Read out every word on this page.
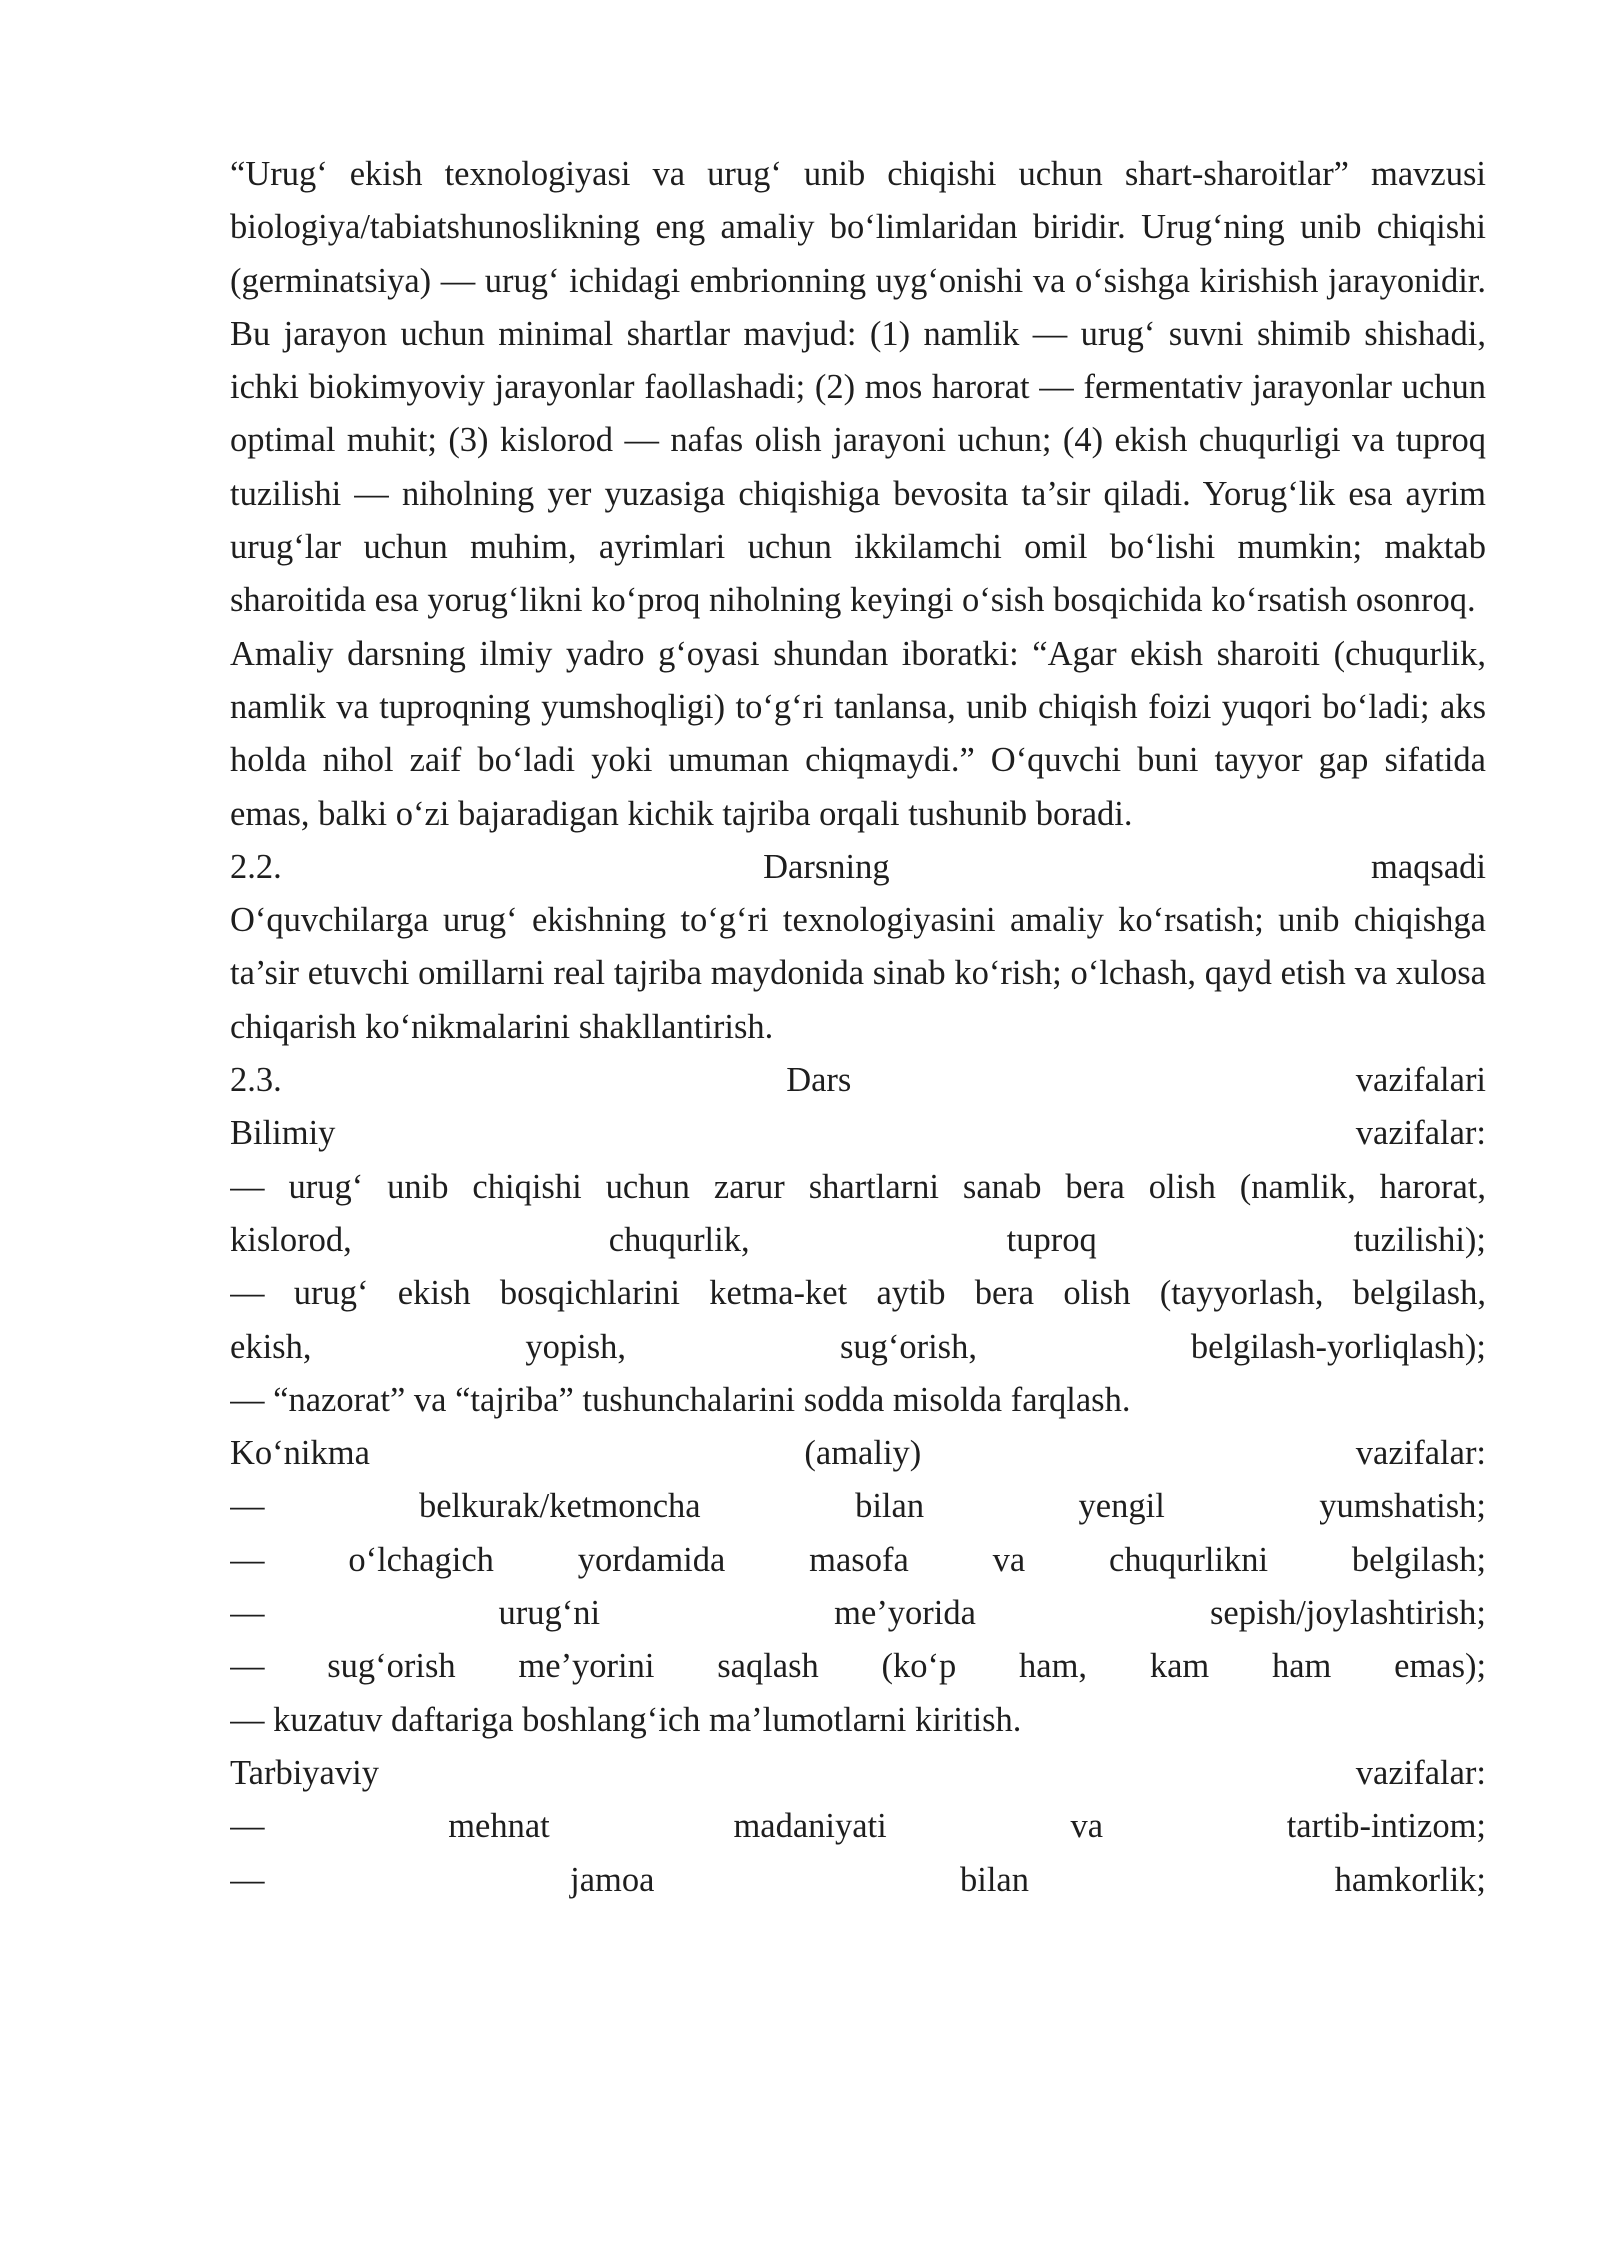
“Urug‘ ekish texnologiyasi va urug‘ unib chiqishi uchun shart-sharoitlar” mavzusi biologiya/tabiatshunoslikning eng amaliy bo‘limlaridan biridir. Urug‘ning unib chiqishi (germinatsiya) — urug‘ ichidagi embrionning uyg‘onishi va o‘sishga kirishish jarayonidir. Bu jarayon uchun minimal shartlar mavjud: (1) namlik — urug‘ suvni shimib shishadi, ichki biokimyoviy jarayonlar faollashadi; (2) mos harorat — fermentativ jarayonlar uchun optimal muhit; (3) kislorod — nafas olish jarayoni uchun; (4) ekish chuqurligi va tuproq tuzilishi — niholning yer yuzasiga chiqishiga bevosita ta’sir qiladi. Yorug‘lik esa ayrim urug‘lar uchun muhim, ayrimlari uchun ikkilamchi omil bo‘lishi mumkin; maktab sharoitida esa yorug‘likni ko‘proq niholning keyingi o‘sish bosqichida ko‘rsatish osonroq.

Amaliy darsning ilmiy yadro g‘oyasi shundan iboratki: “Agar ekish sharoiti (chuqurlik, namlik va tuproqning yumshoqligi) to‘g‘ri tanlansa, unib chiqish foizi yuqori bo‘ladi; aks holda nihol zaif bo‘ladi yoki umuman chiqmaydi.” O‘quvchi buni tayyor gap sifatida emas, balki o‘zi bajaradigan kichik tajriba orqali tushunib boradi.

2.2.	Darsning	maqsadi

O‘quvchilarga urug‘ ekishning to‘g‘ri texnologiyasini amaliy ko‘rsatish; unib chiqishga ta’sir etuvchi omillarni real tajriba maydonida sinab ko‘rish; o‘lchash, qayd etish va xulosa chiqarish ko‘nikmalarini shakllantirish.

2.3.	Dars	vazifalari
Bilimiy	vazifalar:
— urug‘ unib chiqishi uchun zarur shartlarni sanab bera olish (namlik, harorat,
kislorod,	chuqurlik,	tuproq	tuzilishi);
— urug‘ ekish bosqichlarini ketma-ket aytib bera olish (tayyorlash, belgilash,
ekish,	yopish,	sug‘orish,	belgilash-yorliqlash);
— “nazorat” va “tajriba” tushunchalarini sodda misolda farqlash.
Ko‘nikma	(amaliy)	vazifalar:
—	belkurak/ketmoncha	bilan	yengil	yumshatish;
— o‘lchagich yordamida masofa va chuqurlikni belgilash;
—	urug‘ni	me’yorida	sepish/joylashtirish;
— sug‘orish me’yorini saqlash (ko‘p ham, kam ham emas);
— kuzatuv daftariga boshlang‘ich ma’lumotlarni kiritish.
Tarbiyaviy	vazifalar:
—	mehnat	madaniyati	va	tartib-intizom;
—	jamoa	bilan	hamkorlik;
